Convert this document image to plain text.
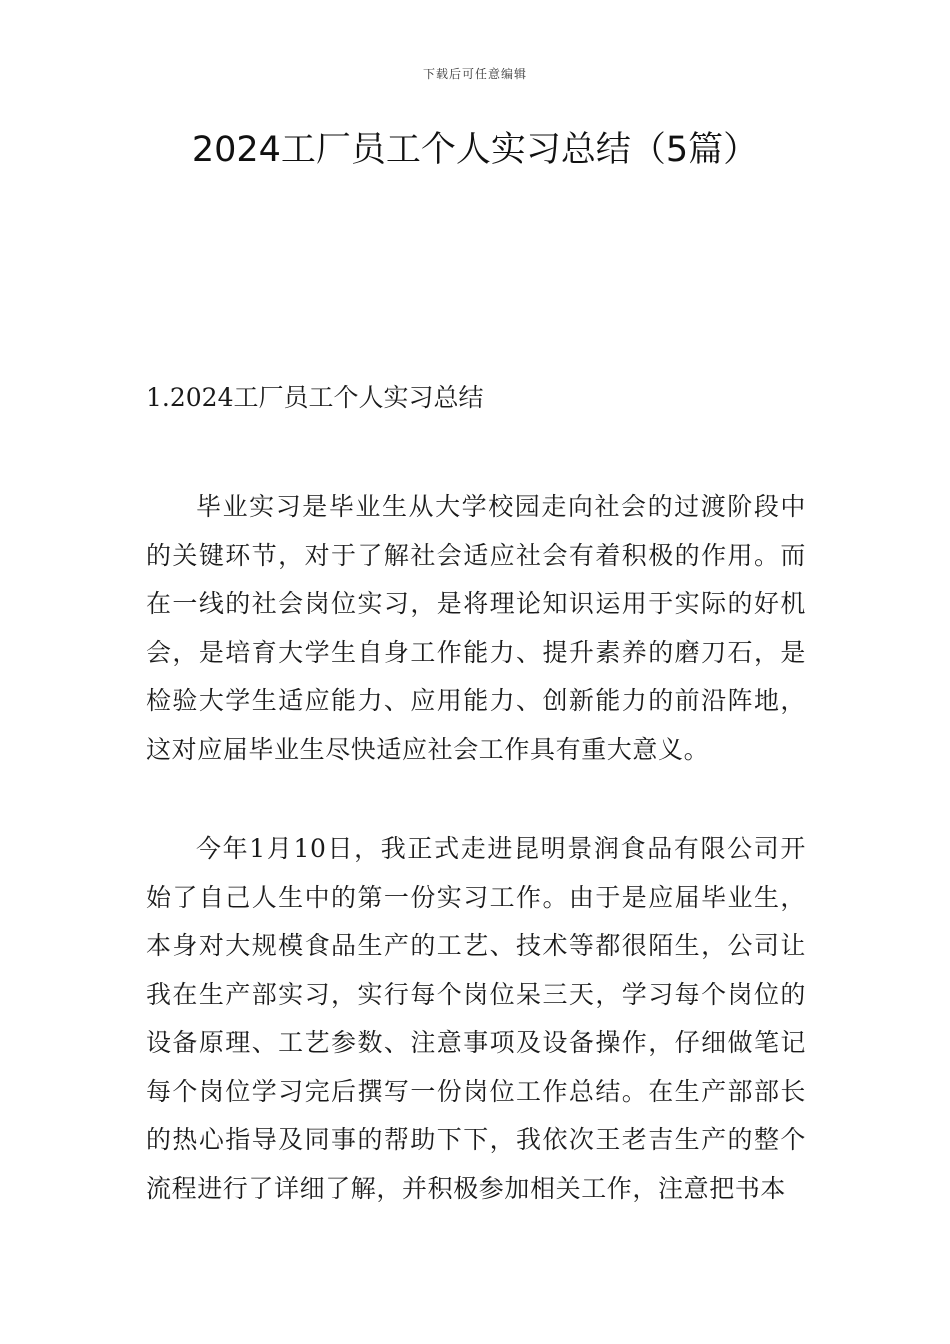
下载后可任意编辑
2024工厂员工个人实习总结（5篇）
1.2024工厂员工个人实习总结

毕业实习是毕业生从大学校园走向社会的过渡阶段中的关键环节，对于了解社会适应社会有着积极的作用。而在一线的社会岗位实习，是将理论知识运用于实际的好机会，是培育大学生自身工作能力、提升素养的磨刀石，是检验大学生适应能力、应用能力、创新能力的前沿阵地，这对应届毕业生尽快适应社会工作具有重大意义。

今年1月10日，我正式走进昆明景润食品有限公司开始了自己人生中的第一份实习工作。由于是应届毕业生，本身对大规模食品生产的工艺、技术等都很陌生，公司让我在生产部实习，实行每个岗位呆三天，学习每个岗位的设备原理、工艺参数、注意事项及设备操作，仔细做笔记每个岗位学习完后撰写一份岗位工作总结。在生产部部长的热心指导及同事的帮助下下，我依次王老吉生产的整个流程进行了详细了解，并积极参加相关工作，注意把书本
